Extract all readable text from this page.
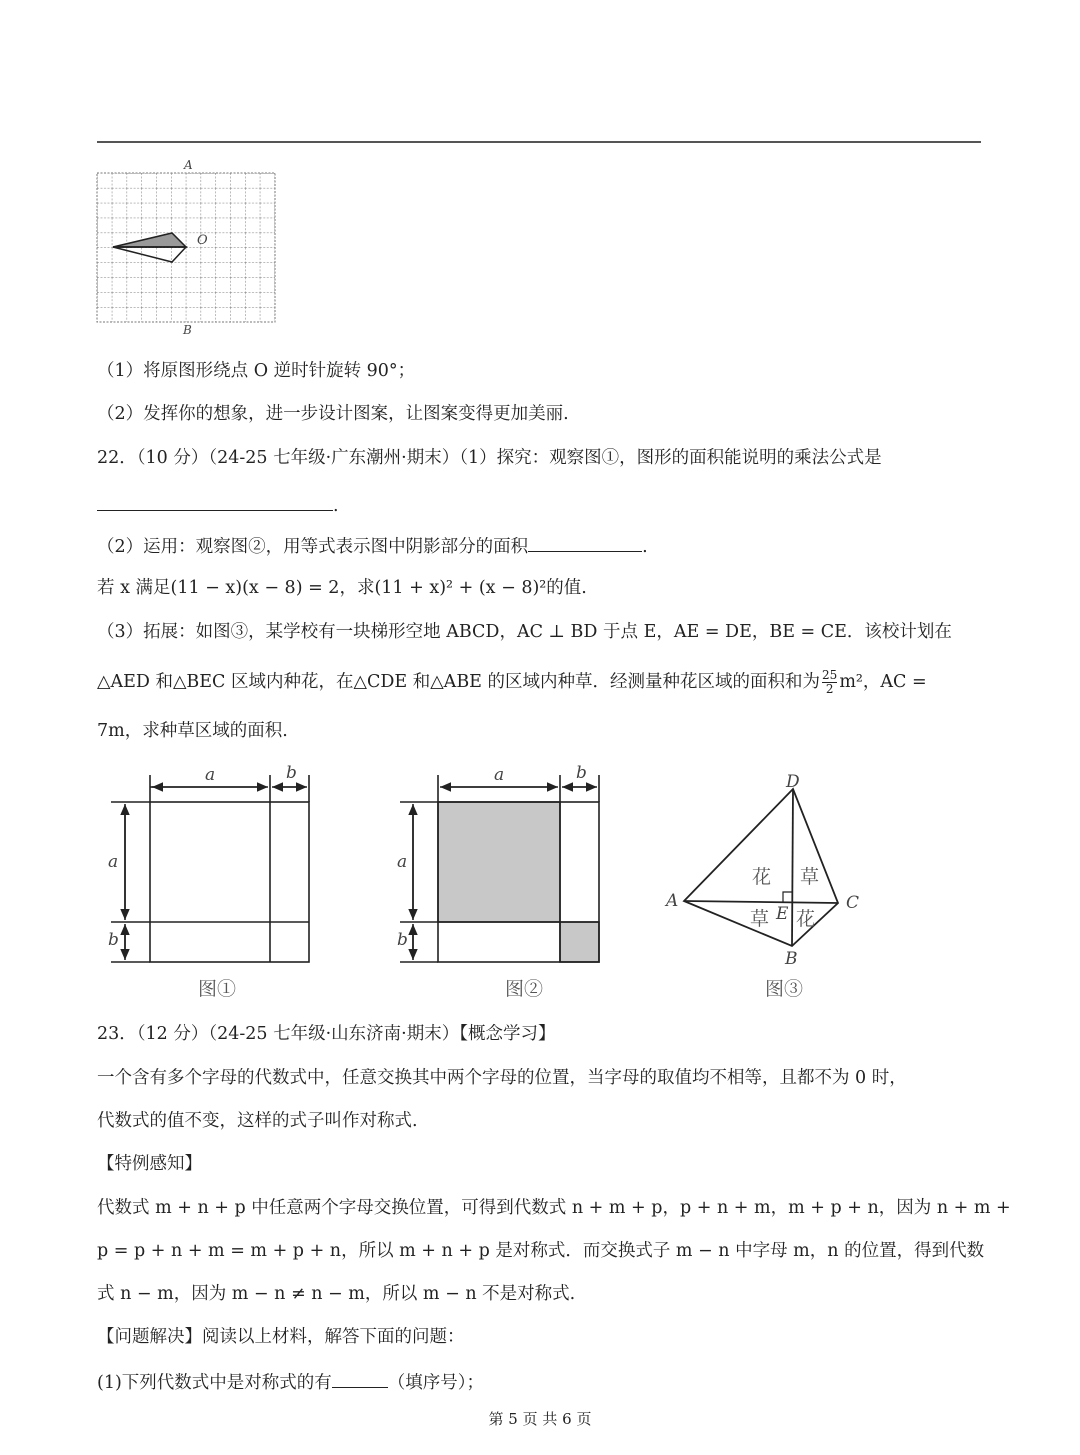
A
O
B
（1）将原图形绕点 O 逆时针旋转 90°；
（2）发挥你的想象，进一步设计图案，让图案变得更加美丽.
22．（10 分）（24-25 七年级·广东潮州·期末）（1）探究：观察图①，图形的面积能说明的乘法公式是
.
（2）运用：观察图②，用等式表示图中阴影部分的面积	.
若 x 满足(11 − x)(x − 8) = 2，求(11 + x)² + (x − 8)²的值.
（3）拓展：如图③，某学校有一块梯形空地 ABCD，AC ⊥ BD 于点 E，AE = DE，BE = CE．该校计划在
△AED 和△BEC 区域内种花，在△CDE 和△ABE 的区域内种草．经测量种花区域的面积和为 $\frac{25}{2} m^2$，AC =
7m，求种草区域的面积.
a	b
a
b
图①
a	b
a
b
图②
D
A	C
B
E
花 草
草 花
图③
23．（12 分）（24-25 七年级·山东济南·期末）【概念学习】
一个含有多个字母的代数式中，任意交换其中两个字母的位置，当字母的取值均不相等，且都不为 0 时，
代数式的值不变，这样的式子叫作对称式.
【特例感知】
代数式 m + n + p 中任意两个字母交换位置，可得到代数式 n + m + p，p + n + m，m + p + n，因为 n + m +
p = p + n + m = m + p + n，所以 m + n + p 是对称式．而交换式子 m − n 中字母 m，n 的位置，得到代数
式 n − m，因为 m − n ≠ n − m，所以 m − n 不是对称式.
【问题解决】阅读以上材料，解答下面的问题：
(1)下列代数式中是对称式的有	（填序号）；
第 5 页 共 6 页
